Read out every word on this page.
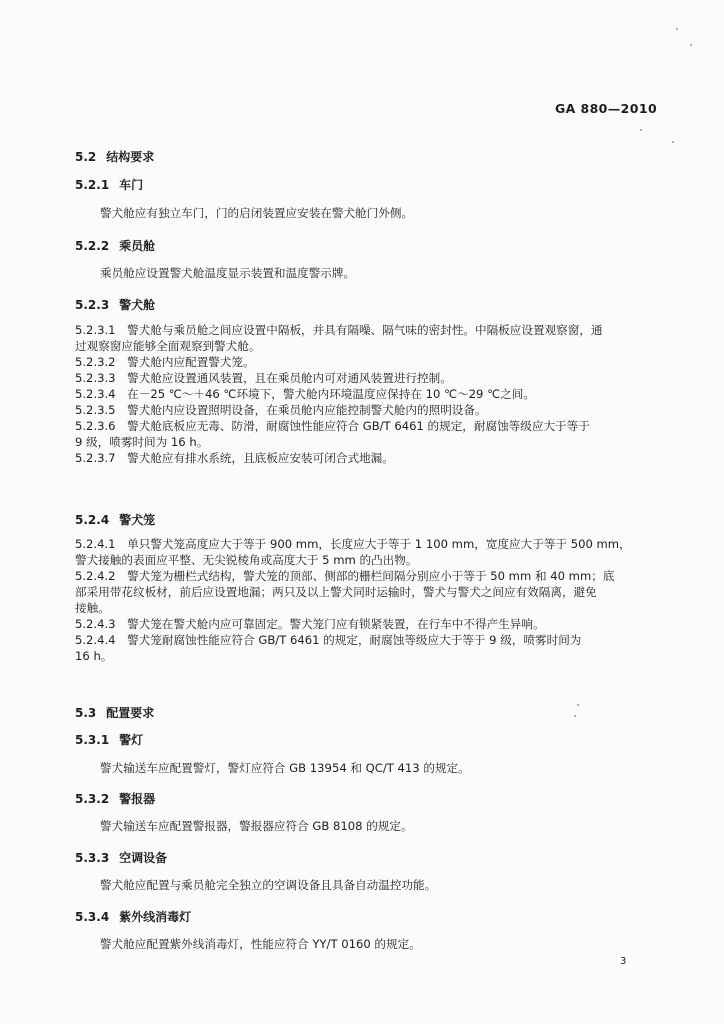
GA 880—2010
5.2 结构要求
5.2.1 车门
警犬舱应有独立车门，门的启闭装置应安装在警犬舱门外侧。
5.2.2 乘员舱
乘员舱应设置警犬舱温度显示装置和温度警示牌。
5.2.3 警犬舱
5.2.3.1　警犬舱与乘员舱之间应设置中隔板，并具有隔噪、隔气味的密封性。中隔板应设置观察窗，通
过观察窗应能够全面观察到警犬舱。
5.2.3.2　警犬舱内应配置警犬笼。
5.2.3.3　警犬舱应设置通风装置，且在乘员舱内可对通风装置进行控制。
5.2.3.4　在－25 ℃～＋46 ℃环境下，警犬舱内环境温度应保持在 10 ℃～29 ℃之间。
5.2.3.5　警犬舱内应设置照明设备，在乘员舱内应能控制警犬舱内的照明设备。
5.2.3.6　警犬舱底板应无毒、防滑，耐腐蚀性能应符合 GB/T 6461 的规定，耐腐蚀等级应大于等于
9 级，喷雾时间为 16 h。
5.2.3.7　警犬舱应有排水系统，且底板应安装可闭合式地漏。
5.2.4 警犬笼
5.2.4.1　单只警犬笼高度应大于等于 900 mm，长度应大于等于 1 100 mm，宽度应大于等于 500 mm，
警犬接触的表面应平整、无尖锐棱角或高度大于 5 mm 的凸出物。
5.2.4.2　警犬笼为栅栏式结构，警犬笼的顶部、侧部的栅栏间隔分别应小于等于 50 mm 和 40 mm；底
部采用带花纹板材，前后应设置地漏；两只及以上警犬同时运输时，警犬与警犬之间应有效隔离，避免
接触。
5.2.4.3　警犬笼在警犬舱内应可靠固定。警犬笼门应有锁紧装置，在行车中不得产生异响。
5.2.4.4　警犬笼耐腐蚀性能应符合 GB/T 6461 的规定，耐腐蚀等级应大于等于 9 级，喷雾时间为
16 h。
5.3 配置要求
5.3.1 警灯
警犬输送车应配置警灯，警灯应符合 GB 13954 和 QC/T 413 的规定。
5.3.2 警报器
警犬输送车应配置警报器，警报器应符合 GB 8108 的规定。
5.3.3 空调设备
警犬舱应配置与乘员舱完全独立的空调设备且具备自动温控功能。
5.3.4 紫外线消毒灯
警犬舱应配置紫外线消毒灯，性能应符合 YY/T 0160 的规定。
3
